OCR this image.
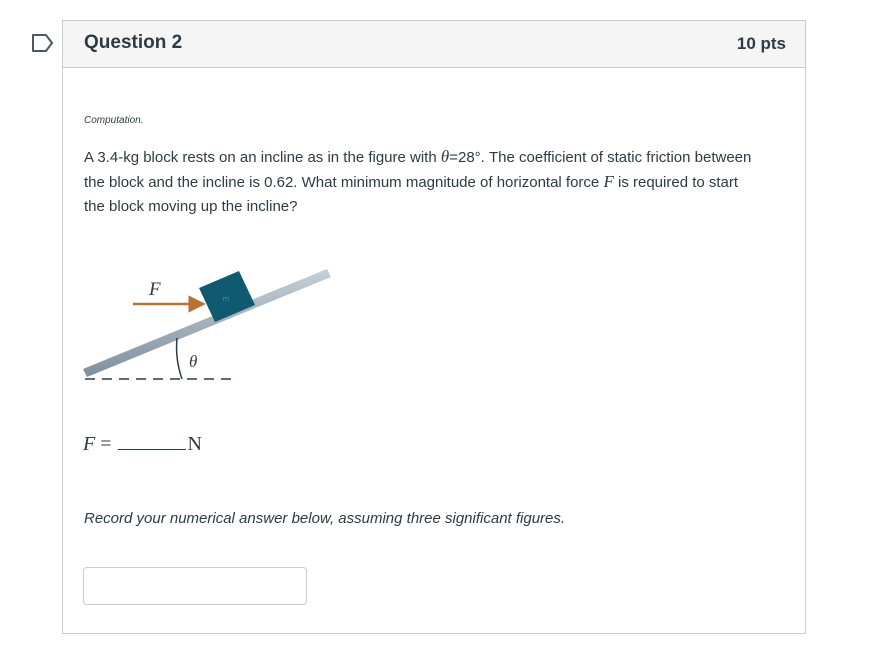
Question 2	10 pts
Computation.
A 3.4-kg block rests on an incline as in the figure with θ=28°. The coefficient of static friction between the block and the incline is 0.62. What minimum magnitude of horizontal force F is required to start the block moving up the incline?
m
F
θ
F =	N
Record your numerical answer below, assuming three significant figures.
